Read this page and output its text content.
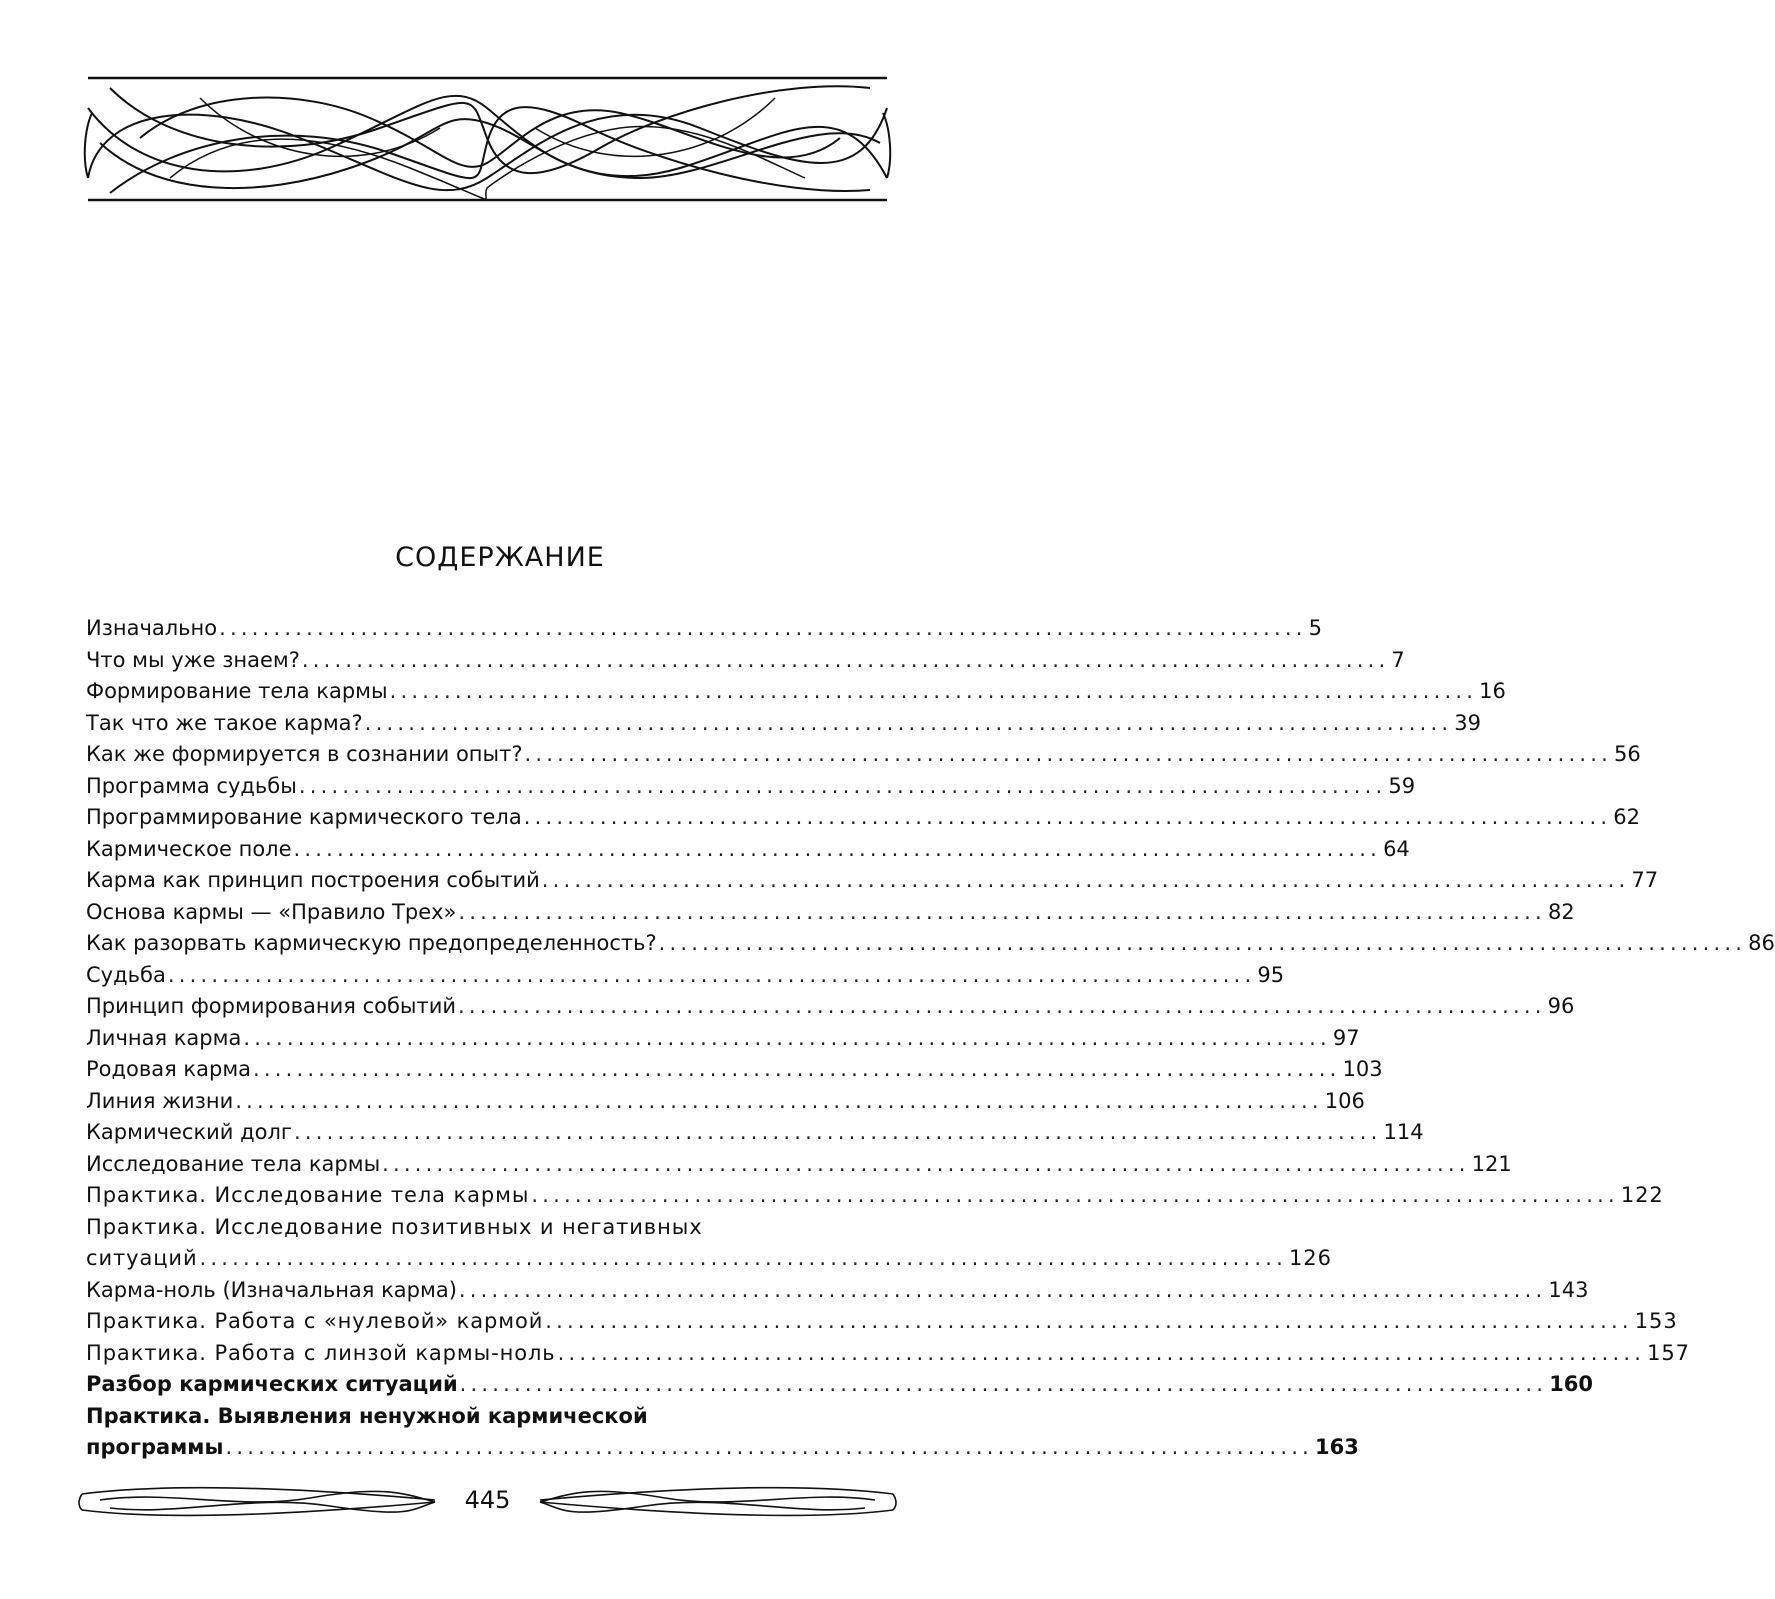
СОДЕРЖАНИЕ
Изначально .................................................................................................... 5
Что мы уже знаем? .................................................................................................... 7
Формирование тела кармы .................................................................................................... 16
Так что же такое карма? .................................................................................................... 39
Как же формируется в сознании опыт? .................................................................................................... 56
Программа судьбы .................................................................................................... 59
Программирование кармического тела .................................................................................................... 62
Кармическое поле .................................................................................................... 64
Карма как принцип построения событий .................................................................................................... 77
Основа кармы — «Правило Трех» .................................................................................................... 82
Как разорвать кармическую предопределенность? .................................................................................................... 86
Судьба .................................................................................................... 95
Принцип формирования событий .................................................................................................... 96
Личная карма .................................................................................................... 97
Родовая карма .................................................................................................... 103
Линия жизни .................................................................................................... 106
Кармический долг .................................................................................................... 114
Исследование тела кармы .................................................................................................... 121
Практика. Исследование тела кармы .................................................................................................... 122
Практика. Исследование позитивных и негативных
ситуаций .................................................................................................... 126
Карма-ноль (Изначальная карма) .................................................................................................... 143
Практика. Работа с «нулевой» кармой .................................................................................................... 153
Практика. Работа с линзой кармы-ноль .................................................................................................... 157
Разбор кармических ситуаций .................................................................................................... 160
Практика. Выявления ненужной кармической
программы .................................................................................................... 163
445
